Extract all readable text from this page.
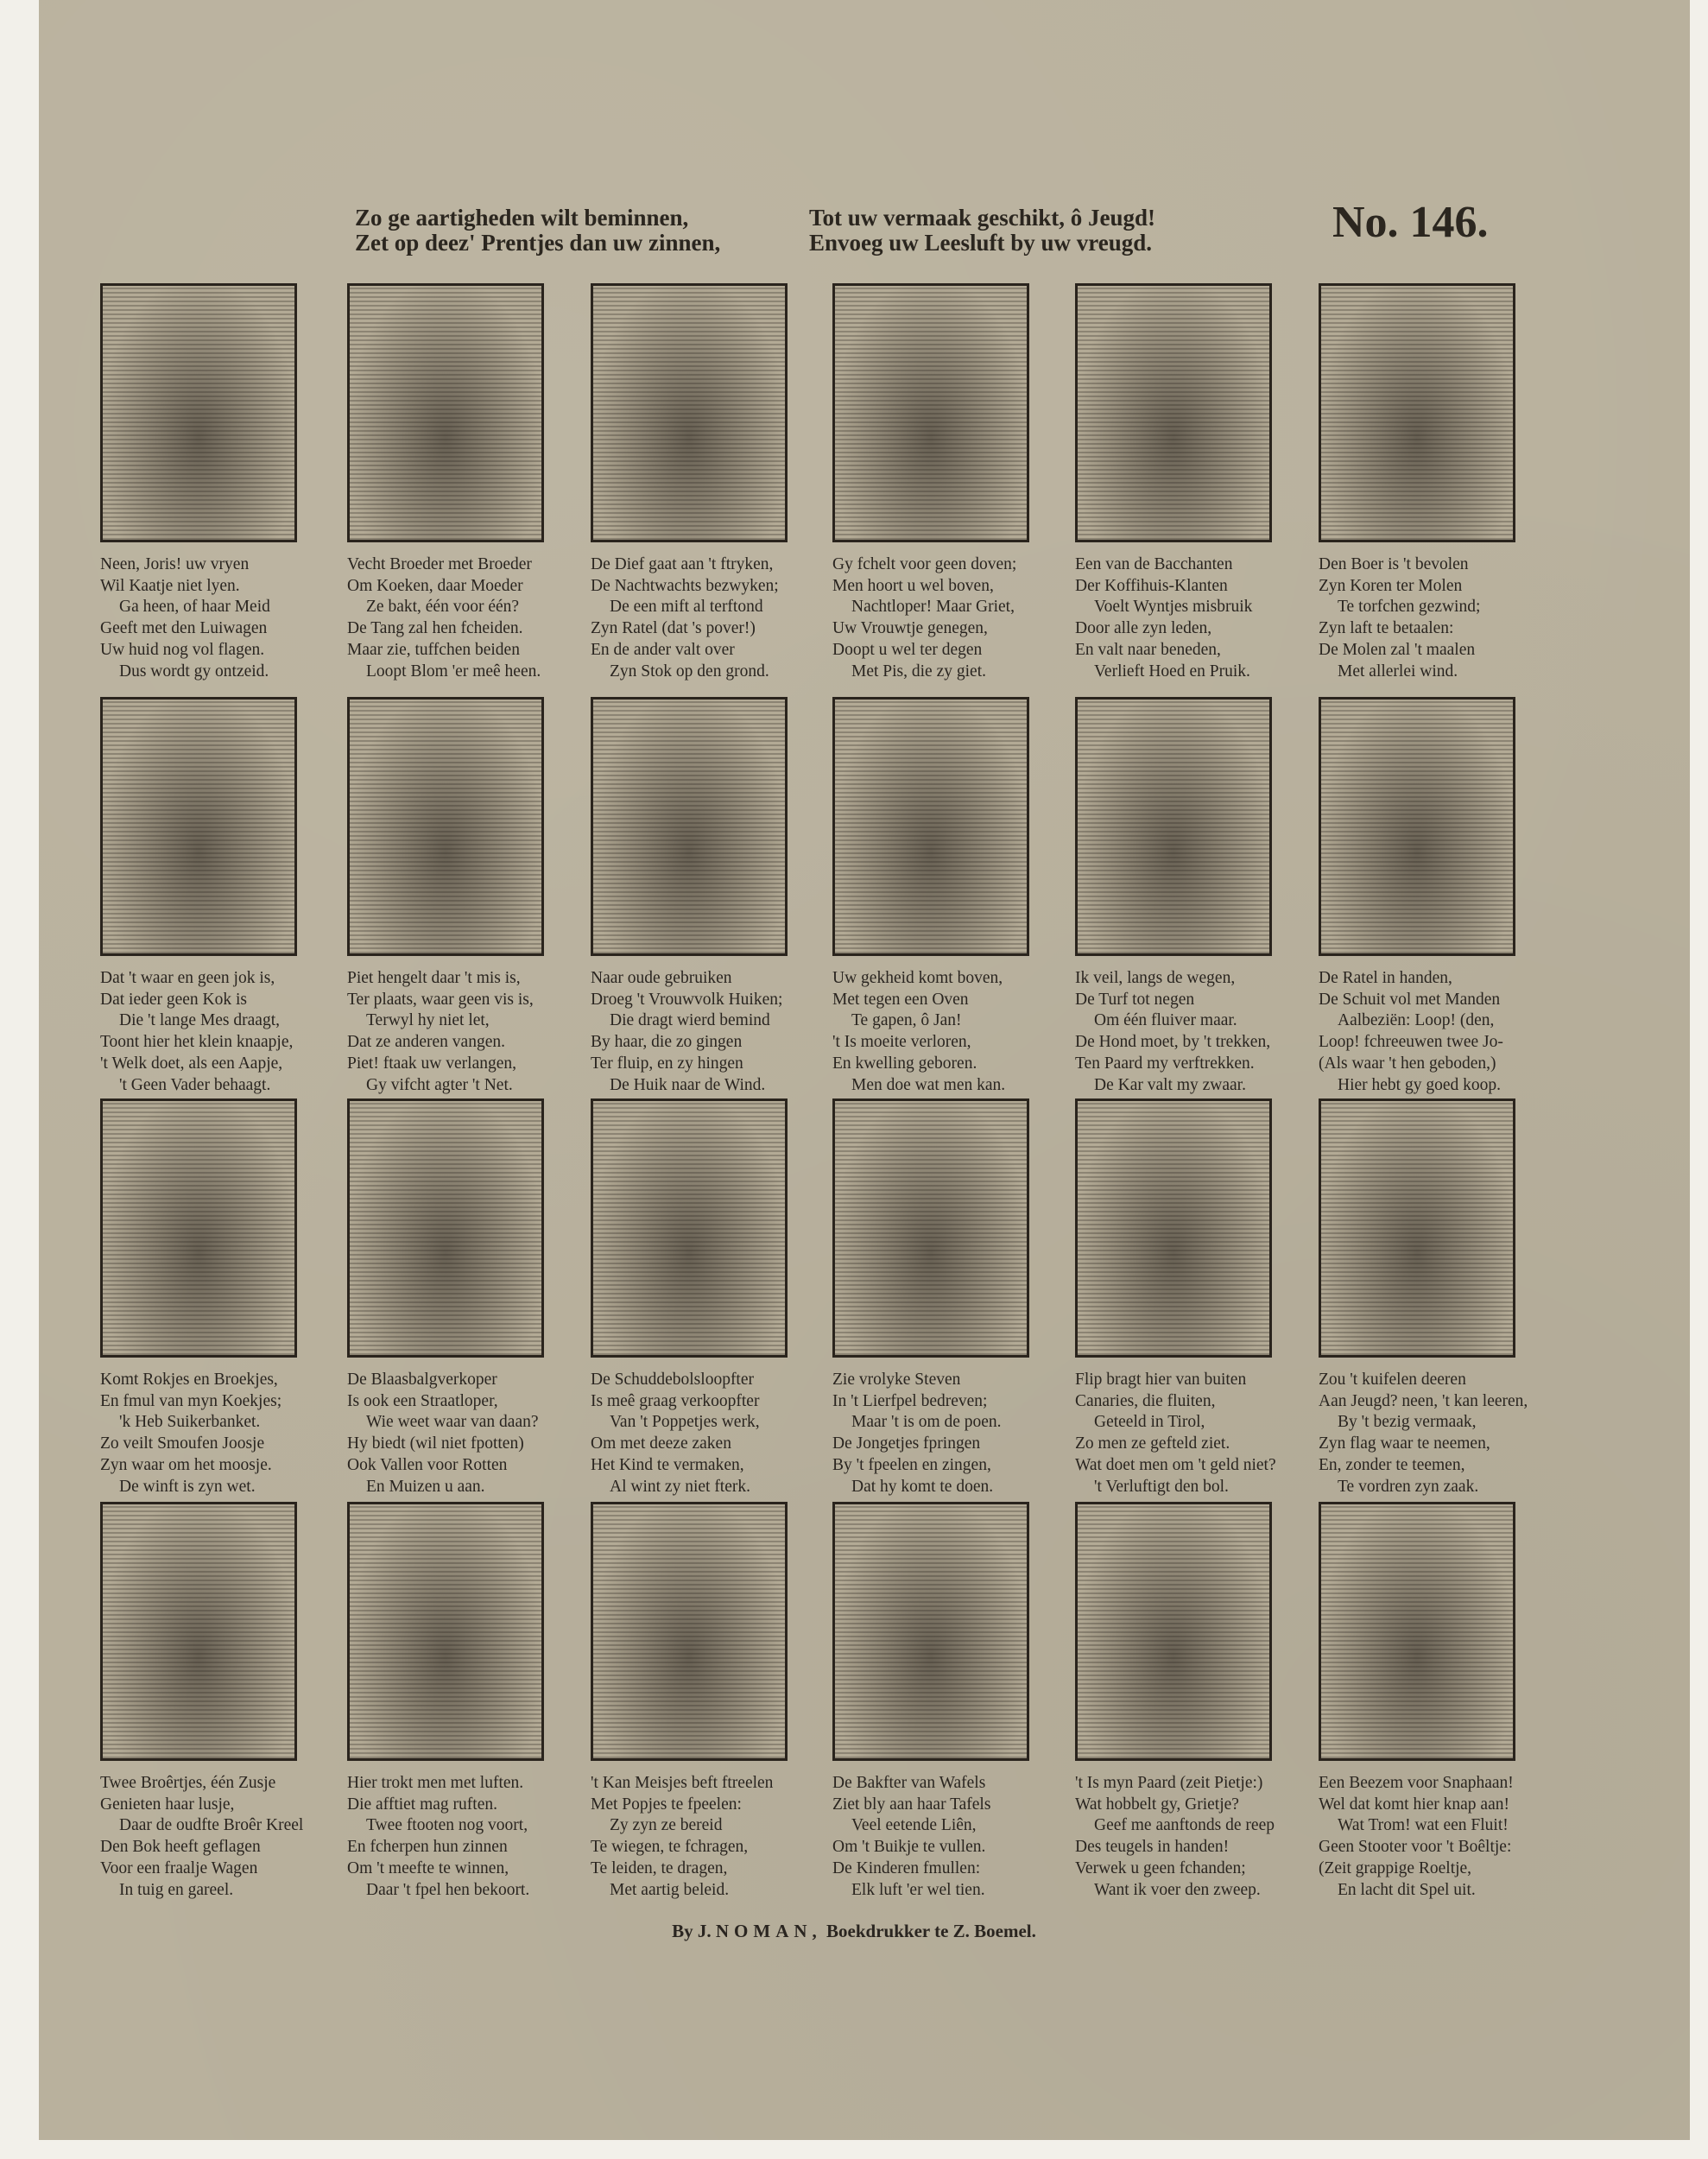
Zo ge aartigheden wilt beminnen,
Zet op deez' Prentjes dan uw zinnen,
Tot uw vermaak geschikt, ô Jeugd!
Envoeg uw Leesluft by uw vreugd.	No. 146.
Neen, Joris! uw vryen
Wil Kaatje niet lyen.
Ga heen, of haar Meid
Geeft met den Luiwagen
Uw huid nog vol flagen.
Dus wordt gy ontzeid.
Vecht Broeder met Broeder
Om Koeken, daar Moeder
Ze bakt, één voor één?
De Tang zal hen fcheiden.
Maar zie, tuffchen beiden
Loopt Blom 'er meê heen.
De Dief gaat aan 't ftryken,
De Nachtwachts bezwyken;
De een mift al terftond
Zyn Ratel (dat 's pover!)
En de ander valt over
Zyn Stok op den grond.
Gy fchelt voor geen doven;
Men hoort u wel boven,
Nachtloper! Maar Griet,
Uw Vrouwtje genegen,
Doopt u wel ter degen
Met Pis, die zy giet.
Een van de Bacchanten
Der Koffihuis-Klanten
Voelt Wyntjes misbruik
Door alle zyn leden,
En valt naar beneden,
Verlieft Hoed en Pruik.
Den Boer is 't bevolen
Zyn Koren ter Molen
Te torfchen gezwind;
Zyn laft te betaalen:
De Molen zal 't maalen
Met allerlei wind.
Dat 't waar en geen jok is,
Dat ieder geen Kok is
Die 't lange Mes draagt,
Toont hier het klein knaapje,
't Welk doet, als een Aapje,
't Geen Vader behaagt.
Piet hengelt daar 't mis is,
Ter plaats, waar geen vis is,
Terwyl hy niet let,
Dat ze anderen vangen.
Piet! ftaak uw verlangen,
Gy vifcht agter 't Net.
Naar oude gebruiken
Droeg 't Vrouwvolk Huiken;
Die dragt wierd bemind
By haar, die zo gingen
Ter fluip, en zy hingen
De Huik naar de Wind.
Uw gekheid komt boven,
Met tegen een Oven
Te gapen, ô Jan!
't Is moeite verloren,
En kwelling geboren.
Men doe wat men kan.
Ik veil, langs de wegen,
De Turf tot negen
Om één fluiver maar.
De Hond moet, by 't trekken,
Ten Paard my verftrekken.
De Kar valt my zwaar.
De Ratel in handen,
De Schuit vol met Manden
Aalbeziën: Loop! (den,
Loop! fchreeuwen twee Jo-
(Als waar 't hen geboden,)
Hier hebt gy goed koop.
Komt Rokjes en Broekjes,
En fmul van myn Koekjes;
'k Heb Suikerbanket.
Zo veilt Smoufen Joosje
Zyn waar om het moosje.
De winft is zyn wet.
De Blaasbalgverkoper
Is ook een Straatloper,
Wie weet waar van daan?
Hy biedt (wil niet fpotten)
Ook Vallen voor Rotten
En Muizen u aan.
De Schuddebolsloopfter
Is meê graag verkoopfter
Van 't Poppetjes werk,
Om met deeze zaken
Het Kind te vermaken,
Al wint zy niet fterk.
Zie vrolyke Steven
In 't Lierfpel bedreven;
Maar 't is om de poen.
De Jongetjes fpringen
By 't fpeelen en zingen,
Dat hy komt te doen.
Flip bragt hier van buiten
Canaries, die fluiten,
Geteeld in Tirol,
Zo men ze gefteld ziet.
Wat doet men om 't geld niet?
't Verluftigt den bol.
Zou 't kuifelen deeren
Aan Jeugd? neen, 't kan leeren,
By 't bezig vermaak,
Zyn flag waar te neemen,
En, zonder te teemen,
Te vordren zyn zaak.
Twee Broêrtjes, één Zusje
Genieten haar lusje,
Daar de oudfte Broêr Kreel
Den Bok heeft geflagen
Voor een fraalje Wagen
In tuig en gareel.
Hier trokt men met luften.
Die afftiet mag ruften.
Twee ftooten nog voort,
En fcherpen hun zinnen
Om 't meefte te winnen,
Daar 't fpel hen bekoort.
't Kan Meisjes beft ftreelen
Met Popjes te fpeelen:
Zy zyn ze bereid
Te wiegen, te fchragen,
Te leiden, te dragen,
Met aartig beleid.
De Bakfter van Wafels
Ziet bly aan haar Tafels
Veel eetende Liên,
Om 't Buikje te vullen.
De Kinderen fmullen:
Elk luft 'er wel tien.
't Is myn Paard (zeit Pietje:)
Wat hobbelt gy, Grietje?
Geef me aanftonds de reep
Des teugels in handen!
Verwek u geen fchanden;
Want ik voer den zweep.
Een Beezem voor Snaphaan!
Wel dat komt hier knap aan!
Wat Trom! wat een Fluit!
Geen Stooter voor 't Boêltje:
(Zeit grappige Roeltje,
En lacht dit Spel uit.
By J. NOMAN, Boekdrukker te Z. Boemel.
